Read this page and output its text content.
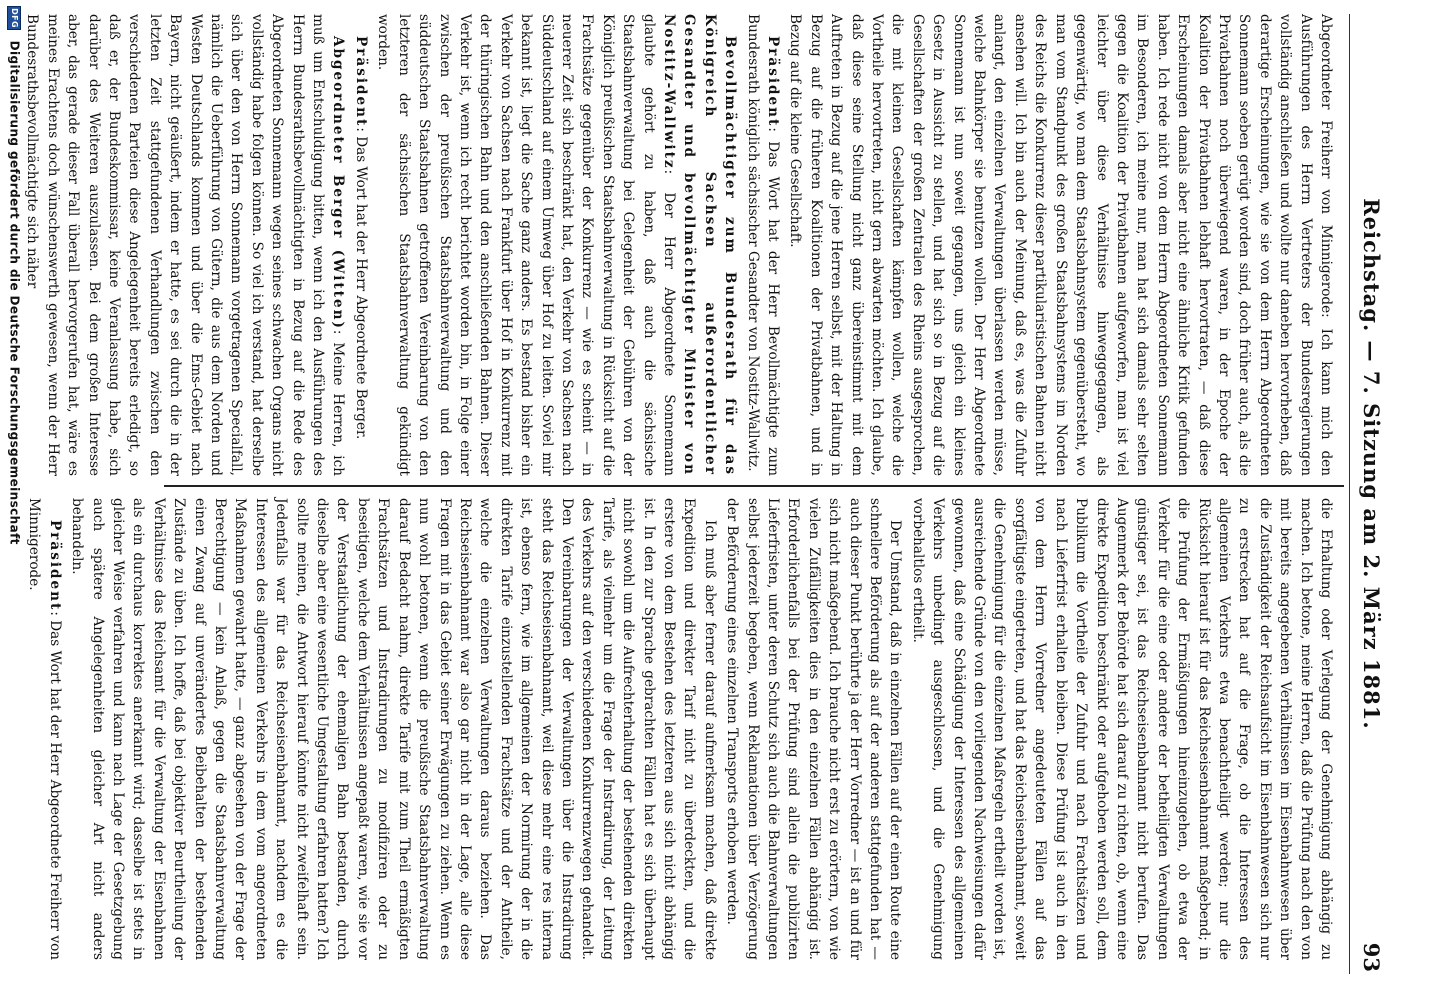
Reichstag. — 7. Sitzung am 2. März 1881.
93

Abgeordneter Freiherr von Minnigerode: Ich kann mich den Ausführungen des Herrn Vertreters der Bundesregierungen vollständig anschließen und wollte nur daneben hervorheben, daß derartige Erscheinungen, wie sie von dem Herrn Abgeordneten Sonnemann soeben gerügt worden sind, doch früher auch, als die Privatbahnen noch überwiegend waren, in der Epoche der Koalition der Privatbahnen lebhaft hervortraten, — daß diese Erscheinungen damals aber nicht eine ähnliche Kritik gefunden haben. Ich rede nicht von dem Herrn Abgeordneten Sonnemann im Besonderen, ich meine nur, man hat sich damals sehr selten gegen die Koalition der Privatbahnen aufgeworfen, man ist viel leichter über diese Verhältnisse hinweggegangen, als gegenwärtig, wo man dem Staatsbahnsystem gegenübersteht, wo man vom Standpunkt des großen Staatsbahnsystems im Norden des Reichs die Konkurrenz dieser partikularistischen Bahnen nicht ansehen will. Ich bin auch der Meinung, daß es, was die Zufuhr anlangt, den einzelnen Verwaltungen überlassen werden müsse, welche Bahnkörper sie benutzen wollen. Der Herr Abgeordnete Sonnemann ist nun soweit gegangen, uns gleich ein kleines Gesetz in Aussicht zu stellen, und hat sich so in Bezug auf die Gesellschaften der großen Zentralen des Rheins ausgesprochen, die mit kleinen Gesellschaften kämpfen wollen, welche die Vortheile hervortreten, nicht gern abwarten möchten. Ich glaube, daß diese seine Stellung nicht ganz übereinstimmt mit dem Auftreten in Bezug auf die jene Herren selbst, mit der Haltung in Bezug auf die früheren Koalitionen der Privatbahnen, und in Bezug auf die kleine Gesellschaft.

Präsident: Das Wort hat der Herr Bevollmächtigte zum Bundesrath königlich sächsischer Gesandter von Nostitz-Wallwitz.

Bevollmächtigter zum Bundesrath für das Königreich Sachsen außerordentlicher Gesandter und bevollmächtigter Minister von Nostitz-Wallwitz: Der Herr Abgeordnete Sonnemann glaubte gehört zu haben, daß auch die sächsische Staatsbahnverwaltung bei Gelegenheit der Gebühren von der Königlich preußischen Staatsbahnverwaltung in Rücksicht auf die Frachtsätze gegenüber der Konkurrenz — wie es scheint — in neuerer Zeit sich beschränkt hat, den Verkehr von Sachsen nach Süddeutschland auf einem Umweg über Hof zu leiten. Soviel mir bekannt ist, liegt die Sache ganz anders. Es bestand bisher ein Verkehr von Sachsen nach Frankfurt über Hof in Konkurrenz mit der thüringischen Bahn und den anschließenden Bahnen. Dieser Verkehr ist, wenn ich recht berichtet worden bin, in Folge einer zwischen der preußischen Staatsbahnverwaltung und den süddeutschen Staatsbahnen getroffenen Vereinbarung von den letzteren der sächsischen Staatsbahnverwaltung gekündigt worden.

Präsident: Das Wort hat der Herr Abgeordnete Berger.

Abgeordneter Berger (Witten): Meine Herren, ich muß um Entschuldigung bitten, wenn ich den Ausführungen des Herrn Bundesrathsbevollmächtigten in Bezug auf die Rede des Abgeordneten Sonnemann wegen seines schwachen Organs nicht vollständig habe folgen können. So viel ich verstand, hat derselbe sich über den von Herrn Sonnemann vorgetragenen Specialfall, nämlich die Ueberführung von Gütern, die aus dem Norden und Westen Deutschlands kommen und über die Ems-Gebiet nach Bayern, nicht geäußert, indem er hatte, es sei durch die in der letzten Zeit stattgefundenen Verhandlungen zwischen den verschiedenen Parteien diese Angelegenheit bereits erledigt, so daß er, der Bundeskommissar, keine Veranlassung habe, sich darüber des Weiteren auszulassen. Bei dem großen Interesse aber, das gerade dieser Fall überall hervorgerufen hat, wäre es meines Erachtens doch wünschenswerth gewesen, wenn der Herr Bundesrathsbevollmächtigte sich näher

die Erhaltung oder Verlegung der Genehmigung abhängig zu machen. Ich betone, meine Herren, daß die Prüfung nach den von mit bereits angegebenen Verhältnissen im Eisenbahnwesen über die Zuständigkeit der Reichsaufsicht im Eisenbahnwesen sich nur zu erstrecken hat auf die Frage, ob die Interessen des allgemeinen Verkehrs etwa benachtheiligt werden; nur die Rücksicht hierauf ist für das Reichseisenbahnamt maßgebend; in die Prüfung der Ermäßigungen hineinzugehen, ob etwa der Verkehr für die eine oder andere der betheiligten Verwaltungen günstiger sei, ist das Reichseisenbahnamt nicht berufen. Das Augenmerk der Behörde hat sich darauf zu richten, ob, wenn eine direkte Expedition beschränkt oder aufgehoben werden soll, dem Publikum die Vortheile der Zufuhr und nach Frachtsätzen und nach Lieferfrist erhalten bleiben. Diese Prüfung ist auch in den von dem Herrn Vorredner angedeuteten Fällen auf das sorgfältigste eingetreten, und hat das Reichseisenbahnamt, soweit die Genehmigung für die einzelnen Maßregeln ertheilt worden ist, ausreichende Gründe von den vorliegenden Nachweisungen dafür gewonnen, daß eine Schädigung der Interessen des allgemeinen Verkehrs unbedingt ausgeschlossen, und die Genehmigung vorbehaltlos ertheilt.

Der Umstand, daß in einzelnen Fällen auf der einen Route eine schnellere Beförderung als auf der anderen stattgefunden hat — auch dieser Punkt berührte ja der Herr Vorredner — ist an und für sich nicht maßgebend. Ich brauche nicht erst zu erörtern, von wie vielen Zufälligkeiten dies in den einzelnen Fällen abhängig ist. Erforderlichenfalls bei der Prüfung sind allein die publizirten Lieferfristen, unter deren Schutz sich auch die Bahnverwaltungen selbst jederzeit begeben, wenn Reklamationen über Verzögerung der Beförderung eines einzelnen Transports erhoben werden.

Ich muß aber ferner darauf aufmerksam machen, daß direkte Expedition und direkter Tarif nicht zu überdeckten, und die erstere von dem Bestehen des letzteren aus sich nicht abhängig ist. In den zur Sprache gebrachten Fällen hat es sich überhaupt nicht sowohl um die Aufrechterhaltung der bestehenden direkten Tarife, als vielmehr um die Frage der Instradirung, der Leitung des Verkehrs auf den verschiedenen Konkurrenzwegen gehandelt. Den Vereinbarungen der Verwaltungen über die Instradirung steht das Reichseisenbahnamt, weil diese mehr eine res interna ist, ebenso fern, wie im allgemeinen der Normirung der in die direkten Tarife einzustellenden Frachtsätze und der Antheile, welche die einzelnen Verwaltungen daraus beziehen. Das Reichseisenbahnamt war also gar nicht in der Lage, alle diese Fragen mit in das Gebiet seiner Erwägungen zu ziehen. Wenn es nun wohl betonen, wenn die preußische Staatsbahnverwaltung darauf Bedacht nahm, direkte Tarife mit zum Theil ermäßigten Frachtsätzen und Instradirungen zu modifiziren oder zu beseitigen, welche dem Verhältnissen angepaßt waren, wie sie vor der Verstaatlichung der ehemaligen Bahn bestanden, durch dieselbe aber eine wesentliche Umgestaltung erfahren hatten? Ich sollte meinen, die Antwort hierauf könnte nicht zweifelhaft sein. Jedenfalls war für das Reichseisenbahnamt, nachdem es die Interessen des allgemeinen Verkehrs in dem vom angeordneten Maßnahmen gewahrt hatte, — ganz abgesehen von der Frage der Berechtigung — kein Anlaß, gegen die Staatsbahnverwaltung einen Zwang auf unverändertes Beibehalten der bestehenden Zustände zu üben. Ich hoffe, daß bei objektiver Beurtheilung der Verhältnisse das Reichsamt für die Verwaltung der Eisenbahnen als ein durchaus korrektes anerkannt wird; dasselbe ist stets in gleicher Weise verfahren und kann nach Lage der Gesetzgebung auch spätere Angelegenheiten gleicher Art nicht anders behandeln.

Präsident: Das Wort hat der Herr Abgeordnete Freiherr von Minnigerode.

DFG Digitalisierung gefördert durch die Deutsche Forschungsgemeinschaft
